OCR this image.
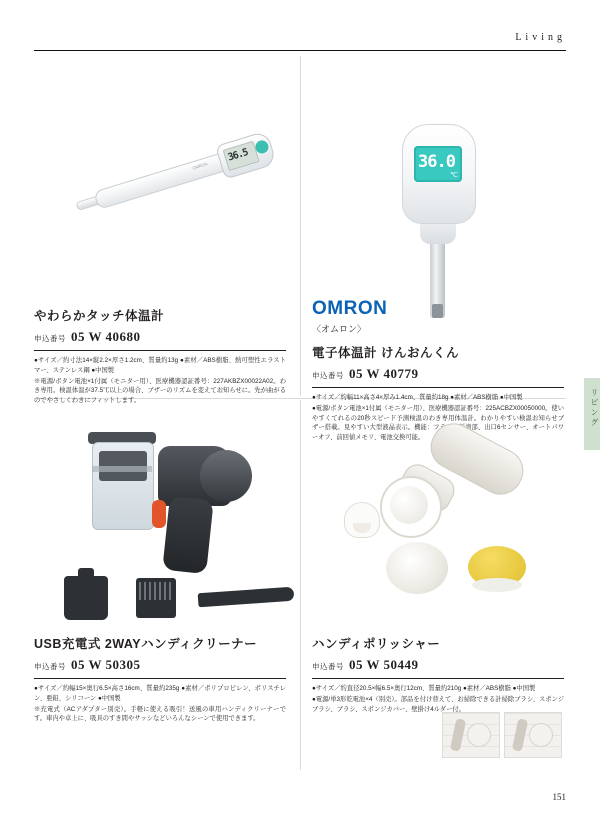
Living
リビング
OMRON
36.5
やわらかタッチ体温計
申込番号 05 W 40680

●サイズ／約寸法14×縦2.2×厚さ1.2cm、質量約13g ●素材／ABS樹脂、熱可塑性エラストマー、ステンレス鋼 ●中国製

※電源/ボタン電池×1付属（モニター用）、医療機器認証番号：227AKBZX00022A02。わき専用。検温体温が37.5℃以上の場合、ブザーのリズムを変えてお知らせに。先が曲がるのでやさしくわきにフィットします。

36.0
℃
OMRON
〈オムロン〉
電子体温計 けんおんくん
申込番号 05 W 40779

●サイズ／約幅11×高さ4×厚み1.4cm、質量約18g ●素材／ABS樹脂 ●中国製

●電源/ボタン電池×1付属（モニター用）、医療機器認証番号：225ACBZX00050000。使いやすくてれるの20秒スピード予測検温のわき専用体温計。わかりやすい検温お知らせブザー搭載。見やすい大型液晶表示。機能：フラット板湾部、出口6センサー、オートパワーオフ、前回値メモリ、電池交換可能。

USB充電式 2WAYハンディクリーナー
申込番号 05 W 50305

●サイズ／約幅15×奥行6.5×高さ16cm、質量約235g ●素材／ポリプロピレン、ポリスチレン、亜鉛、シリコーン ●中国製

※充電式（ACアダプター別売）。手軽に使える吸引！送風の車用ハンディクリーナーです。車内や卓上に、吸具のすき間やサッシなどいろんなシーンで使用できます。

ハンディポリッシャー
申込番号 05 W 50449

●サイズ／約直径20.5×幅6.5×奥行12cm、質量約210g ●素材／ABS樹脂 ●中国製

●電源/単3形乾電池×4（別売）。部品を付け替えて、お掃除できる計掃除ブラシ、スポンジブラシ、ブラシ、スポンジカバー、壁掛け4ルダー付。

151
